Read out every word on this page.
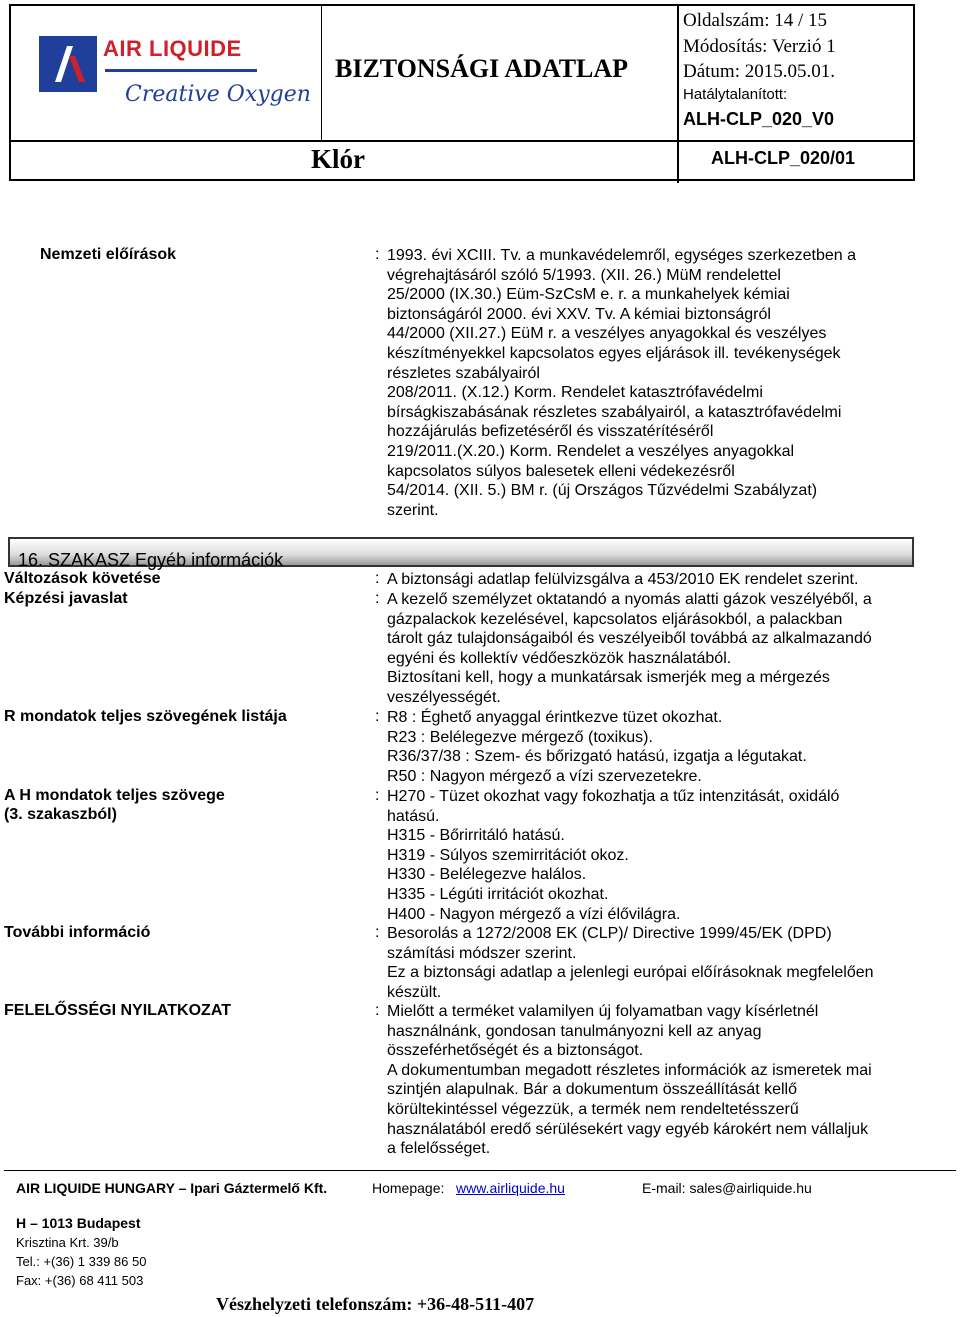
AIR LIQUIDE
Creative Oxygen
BIZTONSÁGI ADATLAP
Oldalszám: 14 / 15
Módosítás: Verzió 1
Dátum: 2015.05.01.
Hatálytalanított:
ALH-CLP_020_V0
Klór	ALH-CLP_020/01
Nemzeti előírások	: 1993. évi XCIII. Tv. a munkavédelemről, egységes szerkezetben a

végrehajtásáról szóló 5/1993. (XII. 26.) MüM rendelettel

25/2000 (IX.30.) Eüm-SzCsM e. r. a munkahelyek kémiai

biztonságáról 2000. évi XXV. Tv. A kémiai biztonságról

44/2000 (XII.27.) EüM r. a veszélyes anyagokkal és veszélyes

készítményekkel kapcsolatos egyes eljárások ill. tevékenységek

részletes szabályairól

208/2011. (X.12.) Korm. Rendelet katasztrófavédelmi

bírságkiszabásának részletes szabályairól, a katasztrófavédelmi

hozzájárulás befizetéséről és visszatérítéséről

219/2011.(X.20.) Korm. Rendelet a veszélyes anyagokkal

kapcsolatos súlyos balesetek elleni védekezésről

54/2014. (XII. 5.) BM r. (új Országos Tűzvédelmi Szabályzat)

szerint.

16. SZAKASZ Egyéb információk
Változások követése	: A biztonsági adatlap felülvizsgálva a 453/2010 EK rendelet szerint.

Képzési javaslat	: A kezelő személyzet oktatandó a nyomás alatti gázok veszélyéből, a

gázpalackok kezelésével, kapcsolatos eljárásokból, a palackban

tárolt gáz tulajdonságaiból és veszélyeiből továbbá az alkalmazandó

egyéni és kollektív védőeszközök használatából.

Biztosítani kell, hogy a munkatársak ismerjék meg a mérgezés

veszélyességét.

R mondatok teljes szövegének listája	: R8 : Éghető anyaggal érintkezve tüzet okozhat.

R23 : Belélegezve mérgező (toxikus).

R36/37/38 : Szem- és bőrizgató hatású, izgatja a légutakat.

R50 : Nagyon mérgező a vízi szervezetekre.

A H mondatok teljes szövege
(3. szakaszból)
: H270 - Tüzet okozhat vagy fokozhatja a tűz intenzitását, oxidáló

hatású.

H315 - Bőrirritáló hatású.

H319 - Súlyos szemirritációt okoz.

H330 - Belélegezve halálos.

H335 - Légúti irritációt okozhat.

H400 - Nagyon mérgező a vízi élővilágra.

További információ	: Besorolás a 1272/2008 EK (CLP)/ Directive 1999/45/EK (DPD)

számítási módszer szerint.

Ez a biztonsági adatlap a jelenlegi európai előírásoknak megfelelően

készült.

FELELŐSSÉGI NYILATKOZAT	: Mielőtt a terméket valamilyen új folyamatban vagy kísérletnél

használnánk, gondosan tanulmányozni kell az anyag

összeférhetőségét és a biztonságot.

A dokumentumban megadott részletes információk az ismeretek mai

szintjén alapulnak. Bár a dokumentum összeállítását kellő

körültekintéssel végezzük, a termék nem rendeltetésszerű

használatából eredő sérülésekért vagy egyéb károkért nem vállaljuk

a felelősséget.

AIR LIQUIDE HUNGARY – Ipari Gáztermelő Kft.	Homepage: www.airliquide.hu	E-mail: sales@airliquide.hu
H – 1013 Budapest
Krisztina Krt. 39/b
Tel.: +(36) 1 339 86 50
Fax: +(36) 68 411 503
Vészhelyzeti telefonszám: +36-48-511-407
